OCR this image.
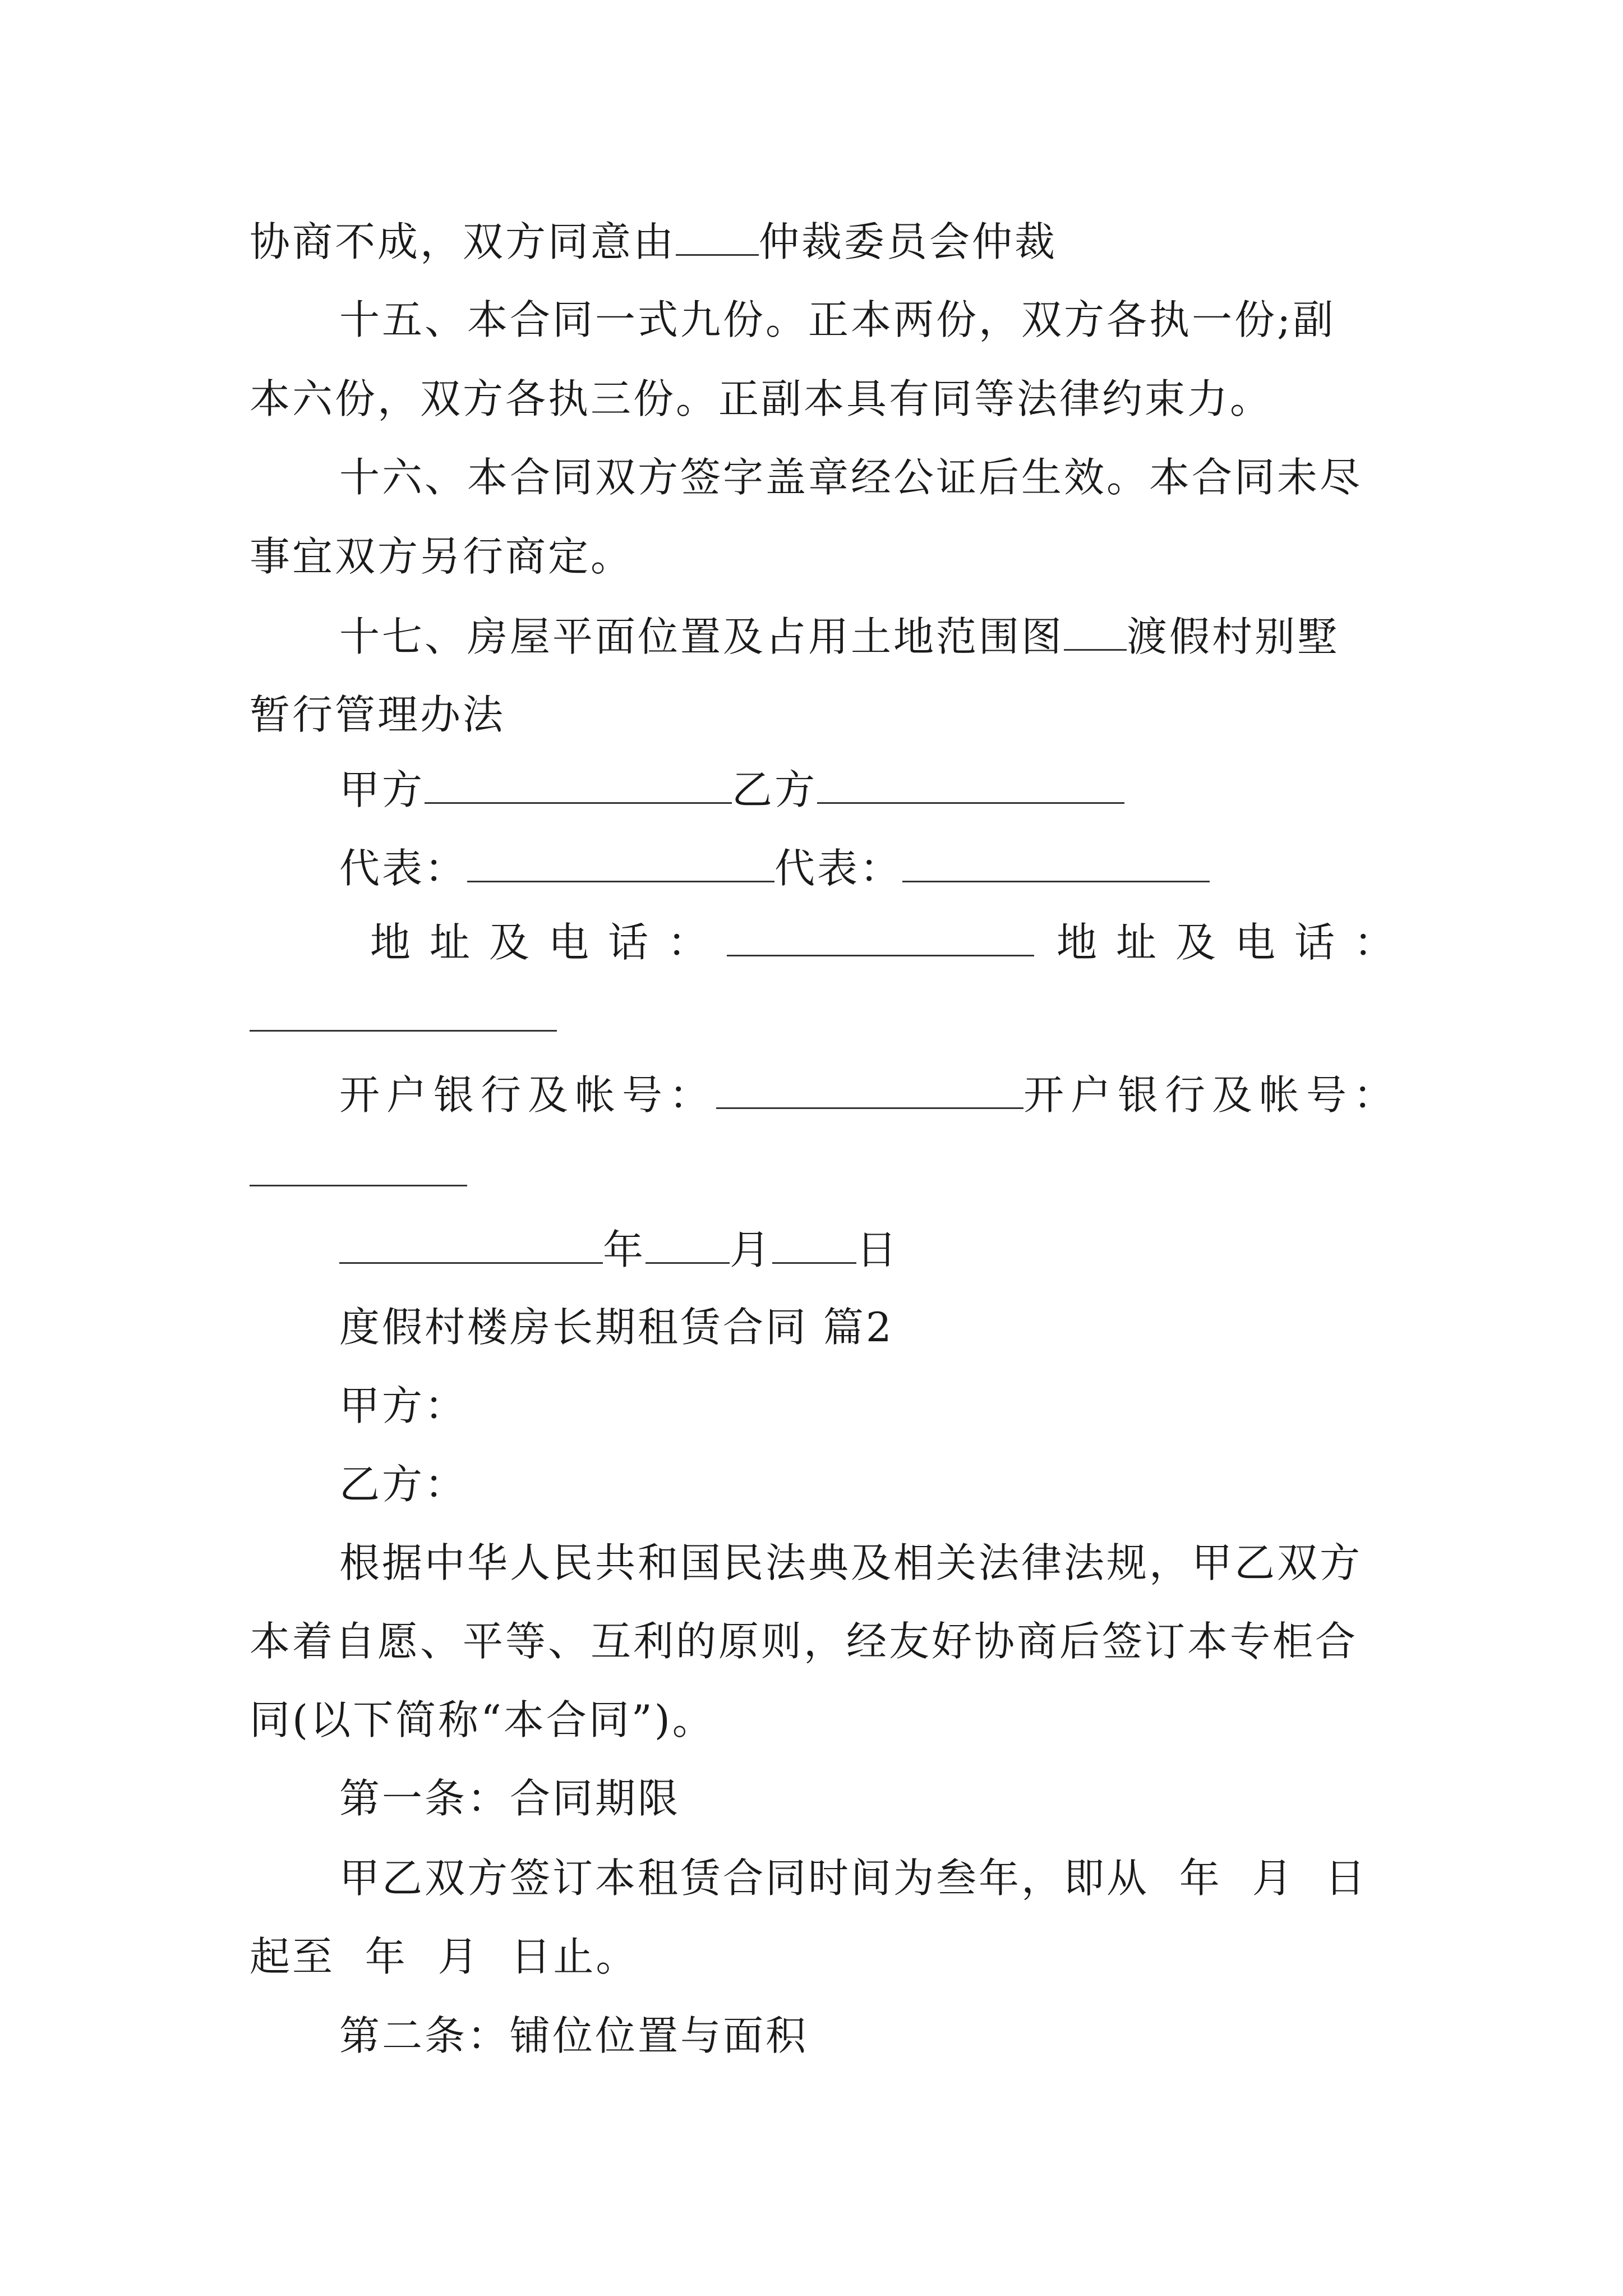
协商不成，双方同意由 仲裁委员会仲裁
十五、本合同一式九份。正本两份，双方各执一份;副
本六份，双方各执三份。正副本具有同等法律约束力。
十六、本合同双方签字盖章经公证后生效。本合同未尽
事宜双方另行商定。
十七、房屋平面位置及占用土地范围图 渡假村别墅
暂行管理办法
甲方	乙方
代表：	代表：
地址及电话：	地址及电话：
开户银行及帐号：	开户银行及帐号：
年 月 日
度假村楼房长期租赁合同 篇2
甲方：
乙方：
根据中华人民共和国民法典及相关法律法规，甲乙双方
本着自愿、平等、互利的原则，经友好协商后签订本专柜合
同(以下简称“本合同”)。
第一条：合同期限
甲乙双方签订本租赁合同时间为叁年，即从  年  月  日
起至  年  月  日止。
第二条：铺位位置与面积
